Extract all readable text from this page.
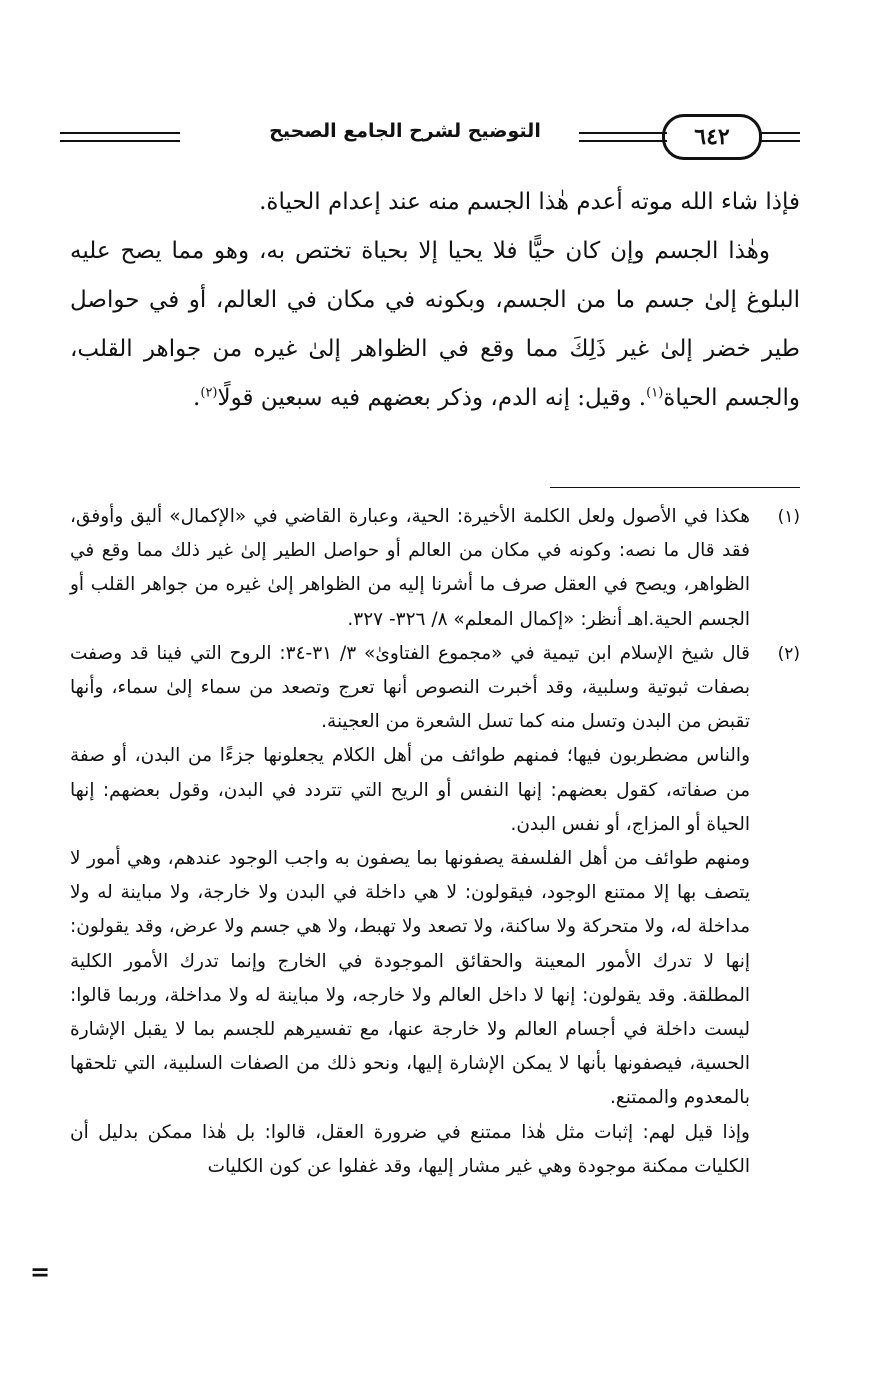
٦٤٢
التوضيح لشرح الجامع الصحيح

فإذا شاء الله موته أعدم هٰذا الجسم منه عند إعدام الحياة.

وهٰذا الجسم وإن كان حيًّا فلا يحيا إلا بحياة تختص به، وهو مما يصح عليه البلوغ إلىٰ جسم ما من الجسم، وبكونه في مكان في العالم، أو في حواصل طير خضر إلىٰ غير ذَلِكَ مما وقع في الظواهر إلىٰ غيره من جواهر القلب، والجسم الحياة$^{(١)}$. وقيل: إنه الدم، وذكر بعضهم فيه سبعين قولًا$^{(٢)}$.

(١)

هكذا في الأصول ولعل الكلمة الأخيرة: الحية، وعبارة القاضي في «الإكمال» أليق وأوفق، فقد قال ما نصه: وكونه في مكان من العالم أو حواصل الطير إلىٰ غير ذلك مما وقع في الظواهر، ويصح في العقل صرف ما أشرنا إليه من الظواهر إلىٰ غيره من جواهر القلب أو الجسم الحية.اهـ أنظر: «إكمال المعلم» ٨/ ٣٢٦- ٣٢٧.

(٢)

قال شيخ الإسلام ابن تيمية في «مجموع الفتاوىٰ» ٣/ ٣١-٣٤: الروح التي فينا قد وصفت بصفات ثبوتية وسلبية، وقد أخبرت النصوص أنها تعرج وتصعد من سماء إلىٰ سماء، وأنها تقبض من البدن وتسل منه كما تسل الشعرة من العجينة.

والناس مضطربون فيها؛ فمنهم طوائف من أهل الكلام يجعلونها جزءًا من البدن، أو صفة من صفاته، كقول بعضهم: إنها النفس أو الريح التي تتردد في البدن، وقول بعضهم: إنها الحياة أو المزاج، أو نفس البدن.

ومنهم طوائف من أهل الفلسفة يصفونها بما يصفون به واجب الوجود عندهم، وهي أمور لا يتصف بها إلا ممتنع الوجود، فيقولون: لا هي داخلة في البدن ولا خارجة، ولا مباينة له ولا مداخلة له، ولا متحركة ولا ساكنة، ولا تصعد ولا تهبط، ولا هي جسم ولا عرض، وقد يقولون: إنها لا تدرك الأمور المعينة والحقائق الموجودة في الخارج وإنما تدرك الأمور الكلية المطلقة. وقد يقولون: إنها لا داخل العالم ولا خارجه، ولا مباينة له ولا مداخلة، وربما قالوا: ليست داخلة في أجسام العالم ولا خارجة عنها، مع تفسيرهم للجسم بما لا يقبل الإشارة الحسية، فيصفونها بأنها لا يمكن الإشارة إليها، ونحو ذلك من الصفات السلبية، التي تلحقها بالمعدوم والممتنع.

وإذا قيل لهم: إثبات مثل هٰذا ممتنع في ضرورة العقل، قالوا: بل هٰذا ممكن بدليل أن الكليات ممكنة موجودة وهي غير مشار إليها، وقد غفلوا عن كون الكليات

=
